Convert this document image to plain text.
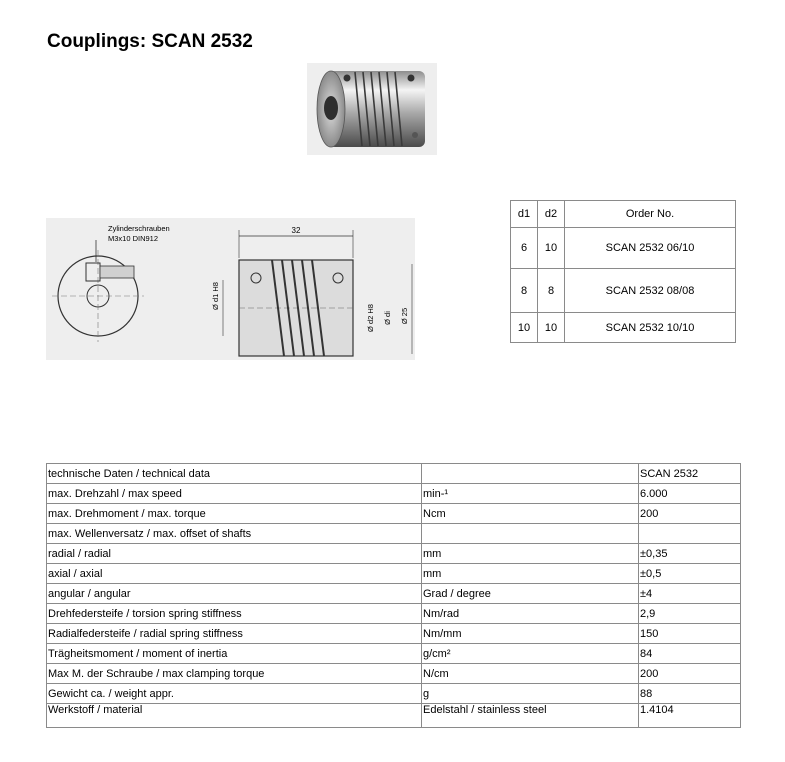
Couplings: SCAN 2532
Zylinderschrauben
M3x10 DIN912
32
Ø d1 H8
Ø d2 H8 Ø di Ø 25
d1	d2	Order No.
6	10	SCAN 2532 06/10
8	8	SCAN 2532 08/08
10	10	SCAN 2532 10/10
technische Daten / technical data		SCAN 2532
max. Drehzahl / max speed	min-¹	6.000
max. Drehmoment / max. torque	Ncm	200
max. Wellenversatz / max. offset of shafts		
radial / radial	mm	±0,35
axial / axial	mm	±0,5
angular / angular	Grad / degree	±4
Drehfedersteife / torsion spring stiffness	Nm/rad	2,9
Radialfedersteife / radial spring stiffness	Nm/mm	150
Trägheitsmoment / moment of inertia	g/cm²	84
Max M. der Schraube / max clamping torque	N/cm	200
Gewicht ca. / weight appr.	g	88
Werkstoff / material	Edelstahl / stainless steel	1.4104
